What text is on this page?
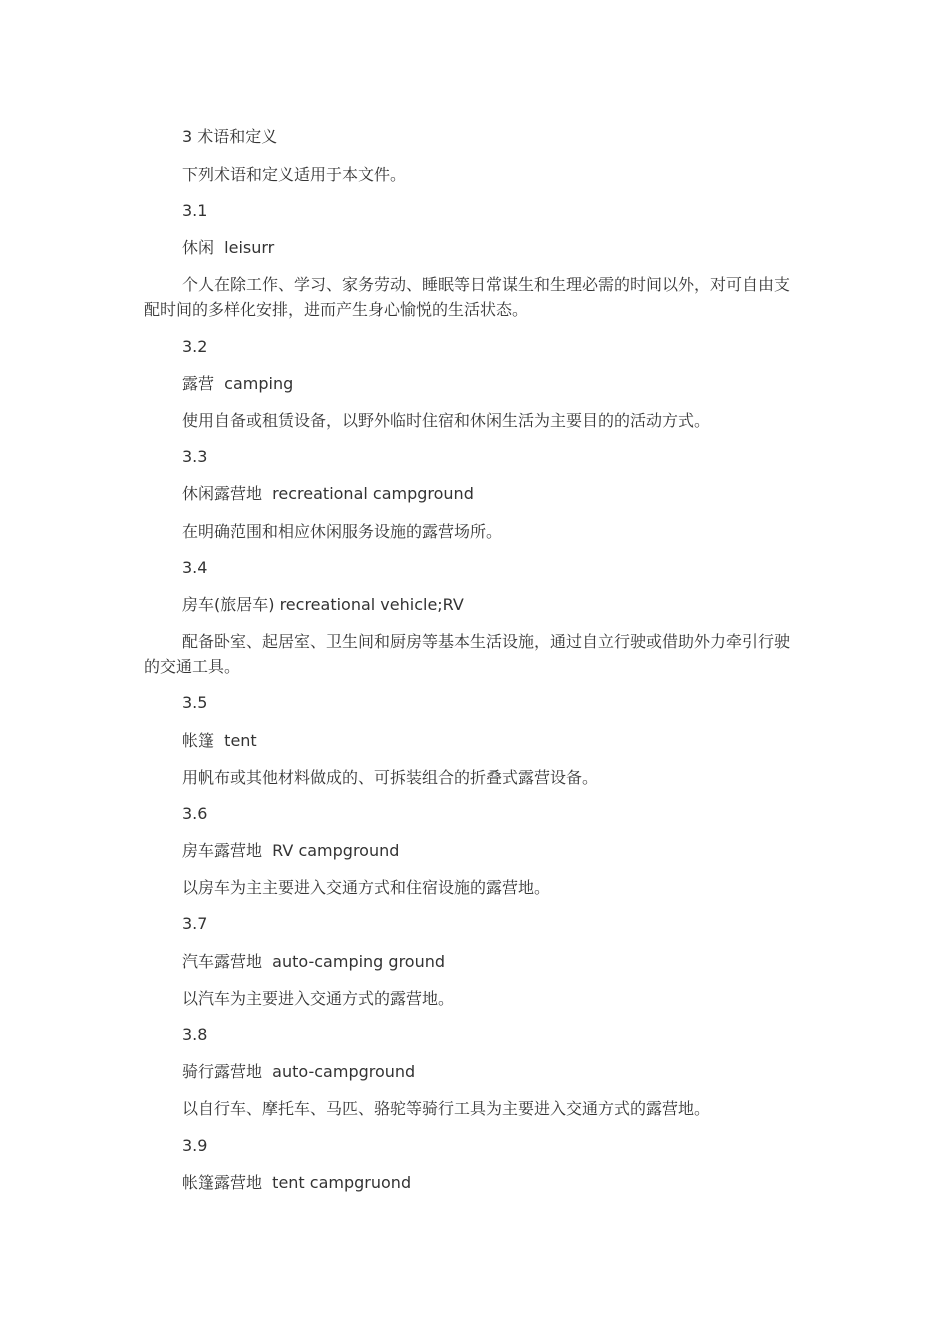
3 术语和定义

下列术语和定义适用于本文件。

3.1

休闲  leisurr

个人在除工作、学习、家务劳动、睡眠等日常谋生和生理必需的时间以外，对可自由支配时间的多样化安排，进而产生身心愉悦的生活状态。

3.2

露营  camping

使用自备或租赁设备，以野外临时住宿和休闲生活为主要目的的活动方式。

3.3

休闲露营地  recreational campground

在明确范围和相应休闲服务设施的露营场所。

3.4

房车(旅居车) recreational vehicle;RV

配备卧室、起居室、卫生间和厨房等基本生活设施，通过自立行驶或借助外力牵引行驶的交通工具。

3.5

帐篷  tent

用帆布或其他材料做成的、可拆装组合的折叠式露营设备。

3.6

房车露营地  RV campground

以房车为主主要进入交通方式和住宿设施的露营地。

3.7

汽车露营地  auto-camping ground

以汽车为主要进入交通方式的露营地。

3.8

骑行露营地  auto-campground

以自行车、摩托车、马匹、骆驼等骑行工具为主要进入交通方式的露营地。

3.9

帐篷露营地  tent campgruond
